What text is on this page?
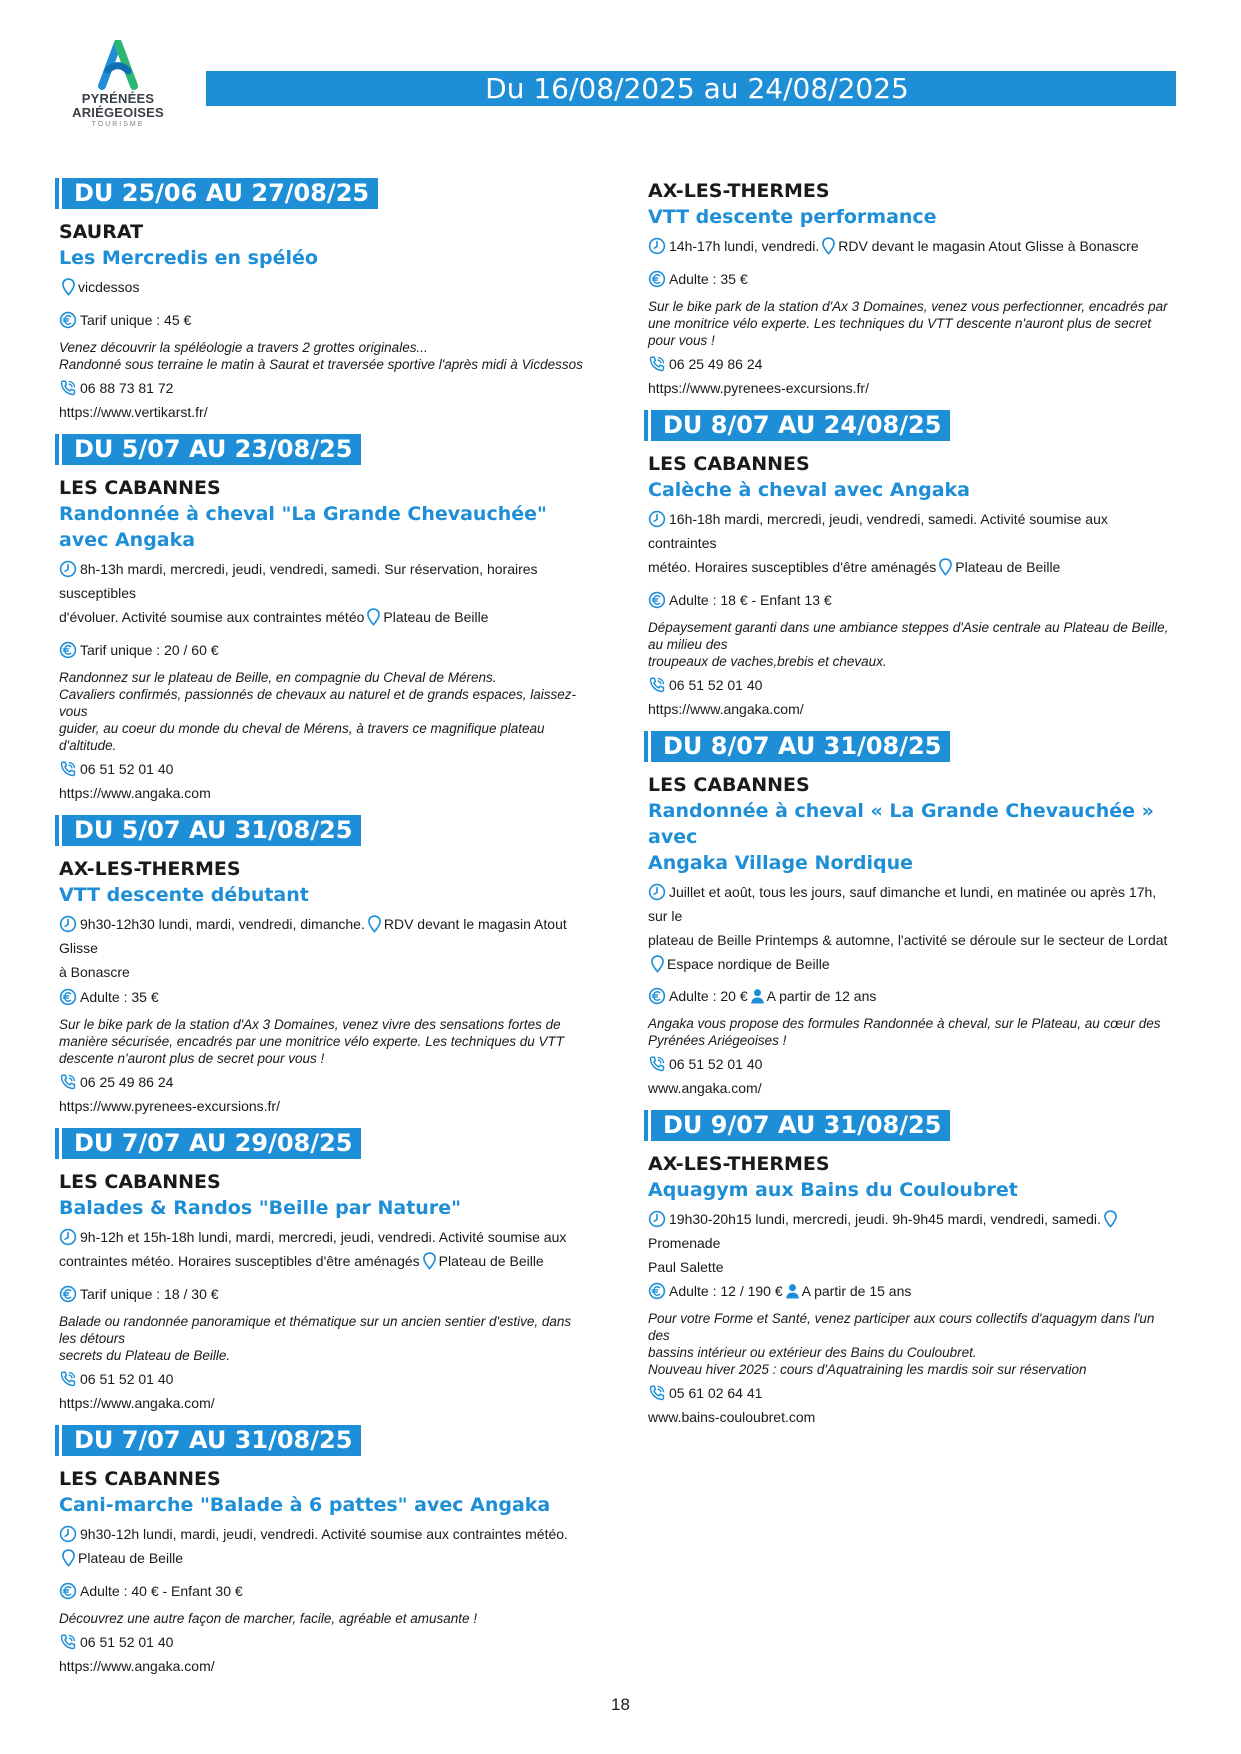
PYRÉNÉES
ARIÉGEOISES
TOURISME
Du 16/08/2025 au 24/08/2025
DU 25/06 AU 27/08/25
SAURAT
Les Mercredis en spéléo
vicdessos
Tarif unique : 45 €
Venez découvrir la spéléologie a travers 2 grottes originales...
Randonné sous terraine le matin à Saurat et traversée sportive l'après midi à Vicdessos
06 88 73 81 72
https://www.vertikarst.fr/
DU 5/07 AU 23/08/25
LES CABANNES
Randonnée à cheval "La Grande Chevauchée" avec Angaka
8h-13h mardi, mercredi, jeudi, vendredi, samedi. Sur réservation, horaires susceptibles
d'évoluer. Activité soumise aux contraintes météo Plateau de Beille
Tarif unique : 20 / 60 €
Randonnez sur le plateau de Beille, en compagnie du Cheval de Mérens.
Cavaliers confirmés, passionnés de chevaux au naturel et de grands espaces, laissez-vous
guider, au coeur du monde du cheval de Mérens, à travers ce magnifique plateau d'altitude.
06 51 52 01 40
https://www.angaka.com
DU 5/07 AU 31/08/25
AX-LES-THERMES
VTT descente débutant
9h30-12h30 lundi, mardi, vendredi, dimanche. RDV devant le magasin Atout Glisse
à Bonascre
Adulte : 35 €
Sur le bike park de la station d'Ax 3 Domaines, venez vivre des sensations fortes de
manière sécurisée, encadrés par une monitrice vélo experte. Les techniques du VTT
descente n'auront plus de secret pour vous !
06 25 49 86 24
https://www.pyrenees-excursions.fr/
DU 7/07 AU 29/08/25
LES CABANNES
Balades & Randos "Beille par Nature"
9h-12h et 15h-18h lundi, mardi, mercredi, jeudi, vendredi. Activité soumise aux
contraintes météo. Horaires susceptibles d'être aménagés Plateau de Beille
Tarif unique : 18 / 30 €
Balade ou randonnée panoramique et thématique sur un ancien sentier d'estive, dans
les détours
secrets du Plateau de Beille.
06 51 52 01 40
https://www.angaka.com/
DU 7/07 AU 31/08/25
LES CABANNES
Cani-marche "Balade à 6 pattes" avec Angaka
9h30-12h lundi, mardi, jeudi, vendredi. Activité soumise aux contraintes météo.
Plateau de Beille
Adulte : 40 € - Enfant 30 €
Découvrez une autre façon de marcher, facile, agréable et amusante !
06 51 52 01 40
https://www.angaka.com/
AX-LES-THERMES
VTT descente performance
14h-17h lundi, vendredi. RDV devant le magasin Atout Glisse à Bonascre
Adulte : 35 €
Sur le bike park de la station d'Ax 3 Domaines, venez vous perfectionner, encadrés par
une monitrice vélo experte. Les techniques du VTT descente n'auront plus de secret
pour vous !
06 25 49 86 24
https://www.pyrenees-excursions.fr/
DU 8/07 AU 24/08/25
LES CABANNES
Calèche à cheval avec Angaka
16h-18h mardi, mercredi, jeudi, vendredi, samedi. Activité soumise aux contraintes
météo. Horaires susceptibles d'être aménagés Plateau de Beille
Adulte : 18 € - Enfant 13 €
Dépaysement garanti dans une ambiance steppes d'Asie centrale au Plateau de Beille,
au milieu des
troupeaux de vaches,brebis et chevaux.
06 51 52 01 40
https://www.angaka.com/
DU 8/07 AU 31/08/25
LES CABANNES
Randonnée à cheval « La Grande Chevauchée » avec
Angaka Village Nordique
Juillet et août, tous les jours, sauf dimanche et lundi, en matinée ou après 17h, sur le
plateau de Beille Printemps & automne, l'activité se déroule sur le secteur de Lordat
Espace nordique de Beille
Adulte : 20 € A partir de 12 ans
Angaka vous propose des formules Randonnée à cheval, sur le Plateau, au cœur des
Pyrénées Ariégeoises !
06 51 52 01 40
www.angaka.com/
DU 9/07 AU 31/08/25
AX-LES-THERMES
Aquagym aux Bains du Couloubret
19h30-20h15 lundi, mercredi, jeudi. 9h-9h45 mardi, vendredi, samedi.Promenade
Paul Salette
Adulte : 12 / 190 € A partir de 15 ans
Pour votre Forme et Santé, venez participer aux cours collectifs d'aquagym dans l'un des
bassins intérieur ou extérieur des Bains du Couloubret.
Nouveau hiver 2025 : cours d'Aquatraining les mardis soir sur réservation
05 61 02 64 41
www.bains-couloubret.com
18
